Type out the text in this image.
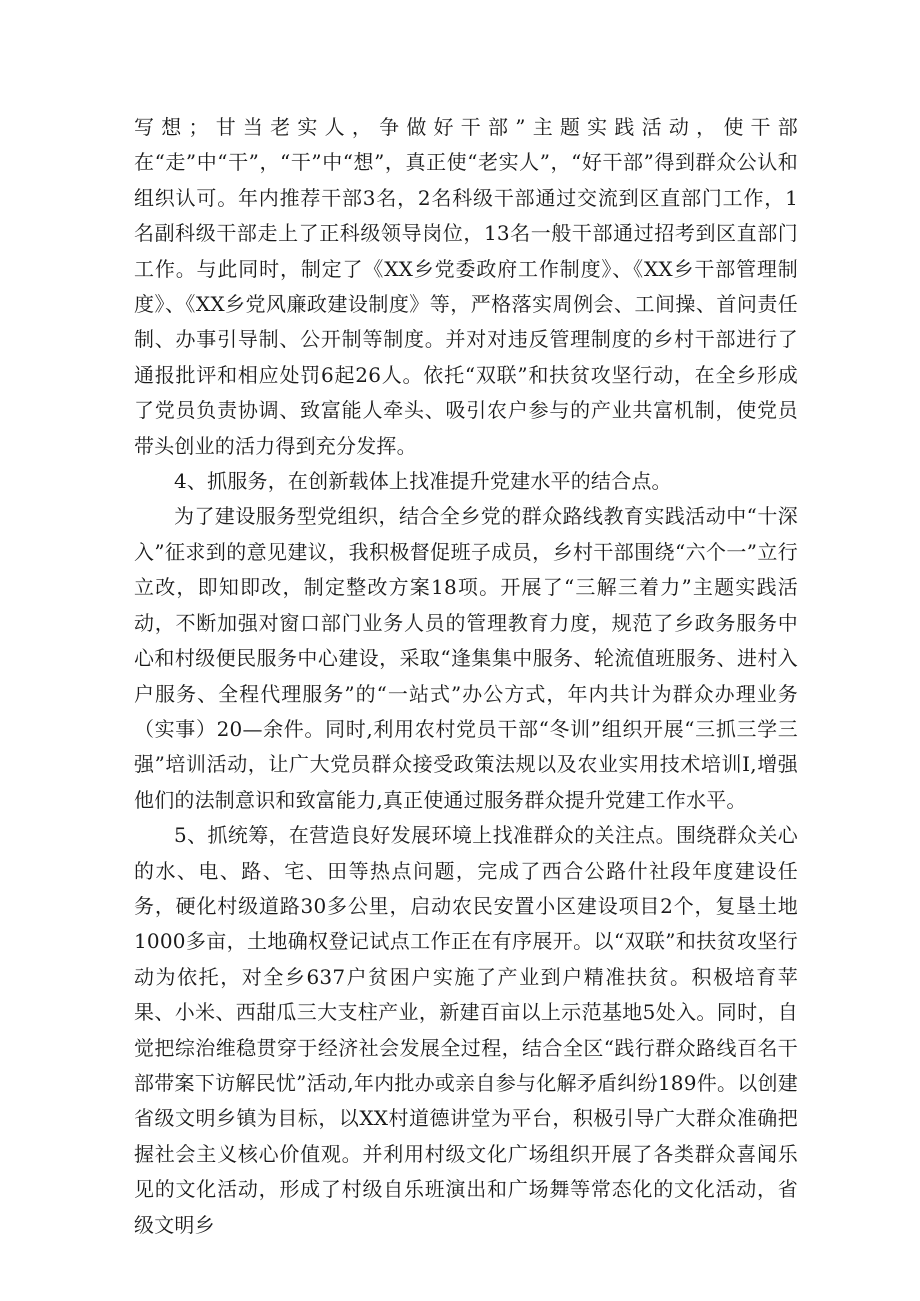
写想；甘当老实人，争做好干部”主题实践活动，使干部在“走”中“干”，“干”中“想”，真正使“老实人”，“好干部”得到群众公认和组织认可。年内推荐干部3名，2名科级干部通过交流到区直部门工作，1名副科级干部走上了正科级领导岗位，13名一般干部通过招考到区直部门工作。与此同时，制定了《XX乡党委政府工作制度》、《XX乡干部管理制度》、《XX乡党风廉政建设制度》等，严格落实周例会、工间操、首问责任制、办事引导制、公开制等制度。并对对违反管理制度的乡村干部进行了通报批评和相应处罚6起26人。依托“双联”和扶贫攻坚行动，在全乡形成了党员负责协调、致富能人牵头、吸引农户参与的产业共富机制，使党员带头创业的活力得到充分发挥。

4、抓服务，在创新载体上找准提升党建水平的结合点。

为了建设服务型党组织，结合全乡党的群众路线教育实践活动中“十深入”征求到的意见建议，我积极督促班子成员，乡村干部围绕“六个一”立行立改，即知即改，制定整改方案18项。开展了“三解三着力”主题实践活动，不断加强对窗口部门业务人员的管理教育力度，规范了乡政务服务中心和村级便民服务中心建设，采取“逢集集中服务、轮流值班服务、进村入户服务、全程代理服务”的“一站式”办公方式，年内共计为群众办理业务（实事）20—余件。同时,利用农村党员干部“冬训”组织开展“三抓三学三强”培训活动，让广大党员群众接受政策法规以及农业实用技术培训I,增强他们的法制意识和致富能力,真正使通过服务群众提升党建工作水平。

5、抓统筹，在营造良好发展环境上找准群众的关注点。围绕群众关心的水、电、路、宅、田等热点问题，完成了西合公路什社段年度建设任务，硬化村级道路30多公里，启动农民安置小区建设项目2个，复垦土地1000多亩，土地确权登记试点工作正在有序展开。以“双联”和扶贫攻坚行动为依托，对全乡637户贫困户实施了产业到户精准扶贫。积极培育苹果、小米、西甜瓜三大支柱产业，新建百亩以上示范基地5处入。同时，自觉把综治维稳贯穿于经济社会发展全过程，结合全区“践行群众路线百名干部带案下访解民忧”活动,年内批办或亲自参与化解矛盾纠纷189件。以创建省级文明乡镇为目标，以XX村道德讲堂为平台，积极引导广大群众准确把握社会主义核心价值观。并利用村级文化广场组织开展了各类群众喜闻乐见的文化活动，形成了村级自乐班演出和广场舞等常态化的文化活动，省级文明乡
